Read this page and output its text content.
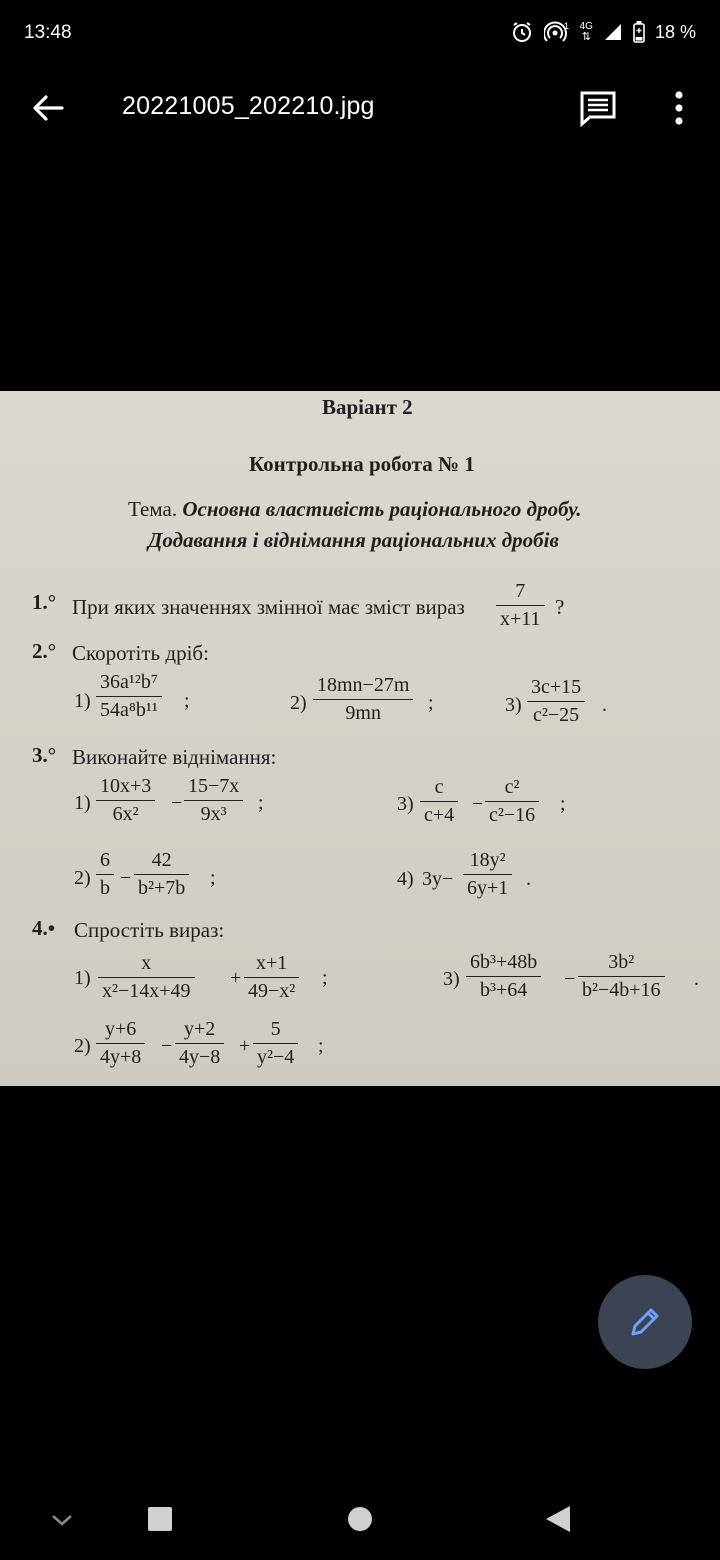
13:48	1 4G
⇅	18 %
20221005_202210.jpg
Варіант 2
Контрольна робота № 1
Тема. Основна властивість раціонального дробу.
Додавання і віднімання раціональних дробів
1.° При яких значеннях змінної має зміст вираз
7
x+11 ?
2.° Скоротіть дріб:
1)
36a¹²b⁷
54a⁸b¹¹ ;	2)
18mn−27m
9mn	;	3)
3c+15
c²−25	.
3.° Виконайте віднімання:
1)
10x+3
6x²	−
15−7x
9x³	;	3)
c
c+4 −
c²
c²−16 ;
2)
6
b −
42
b²+7b ;	4) 3y−
18y²
6y+1 .
4.• Спростіть вираз:
1)
x
x²−14x+49
+
x+1
49−x²
;	3)
6b³+48b
b³+64	−
3b²
b²−4b+16 .
2)
y+6
4y+8 −
y+2
4y−8 +
5
y²−4 ;
